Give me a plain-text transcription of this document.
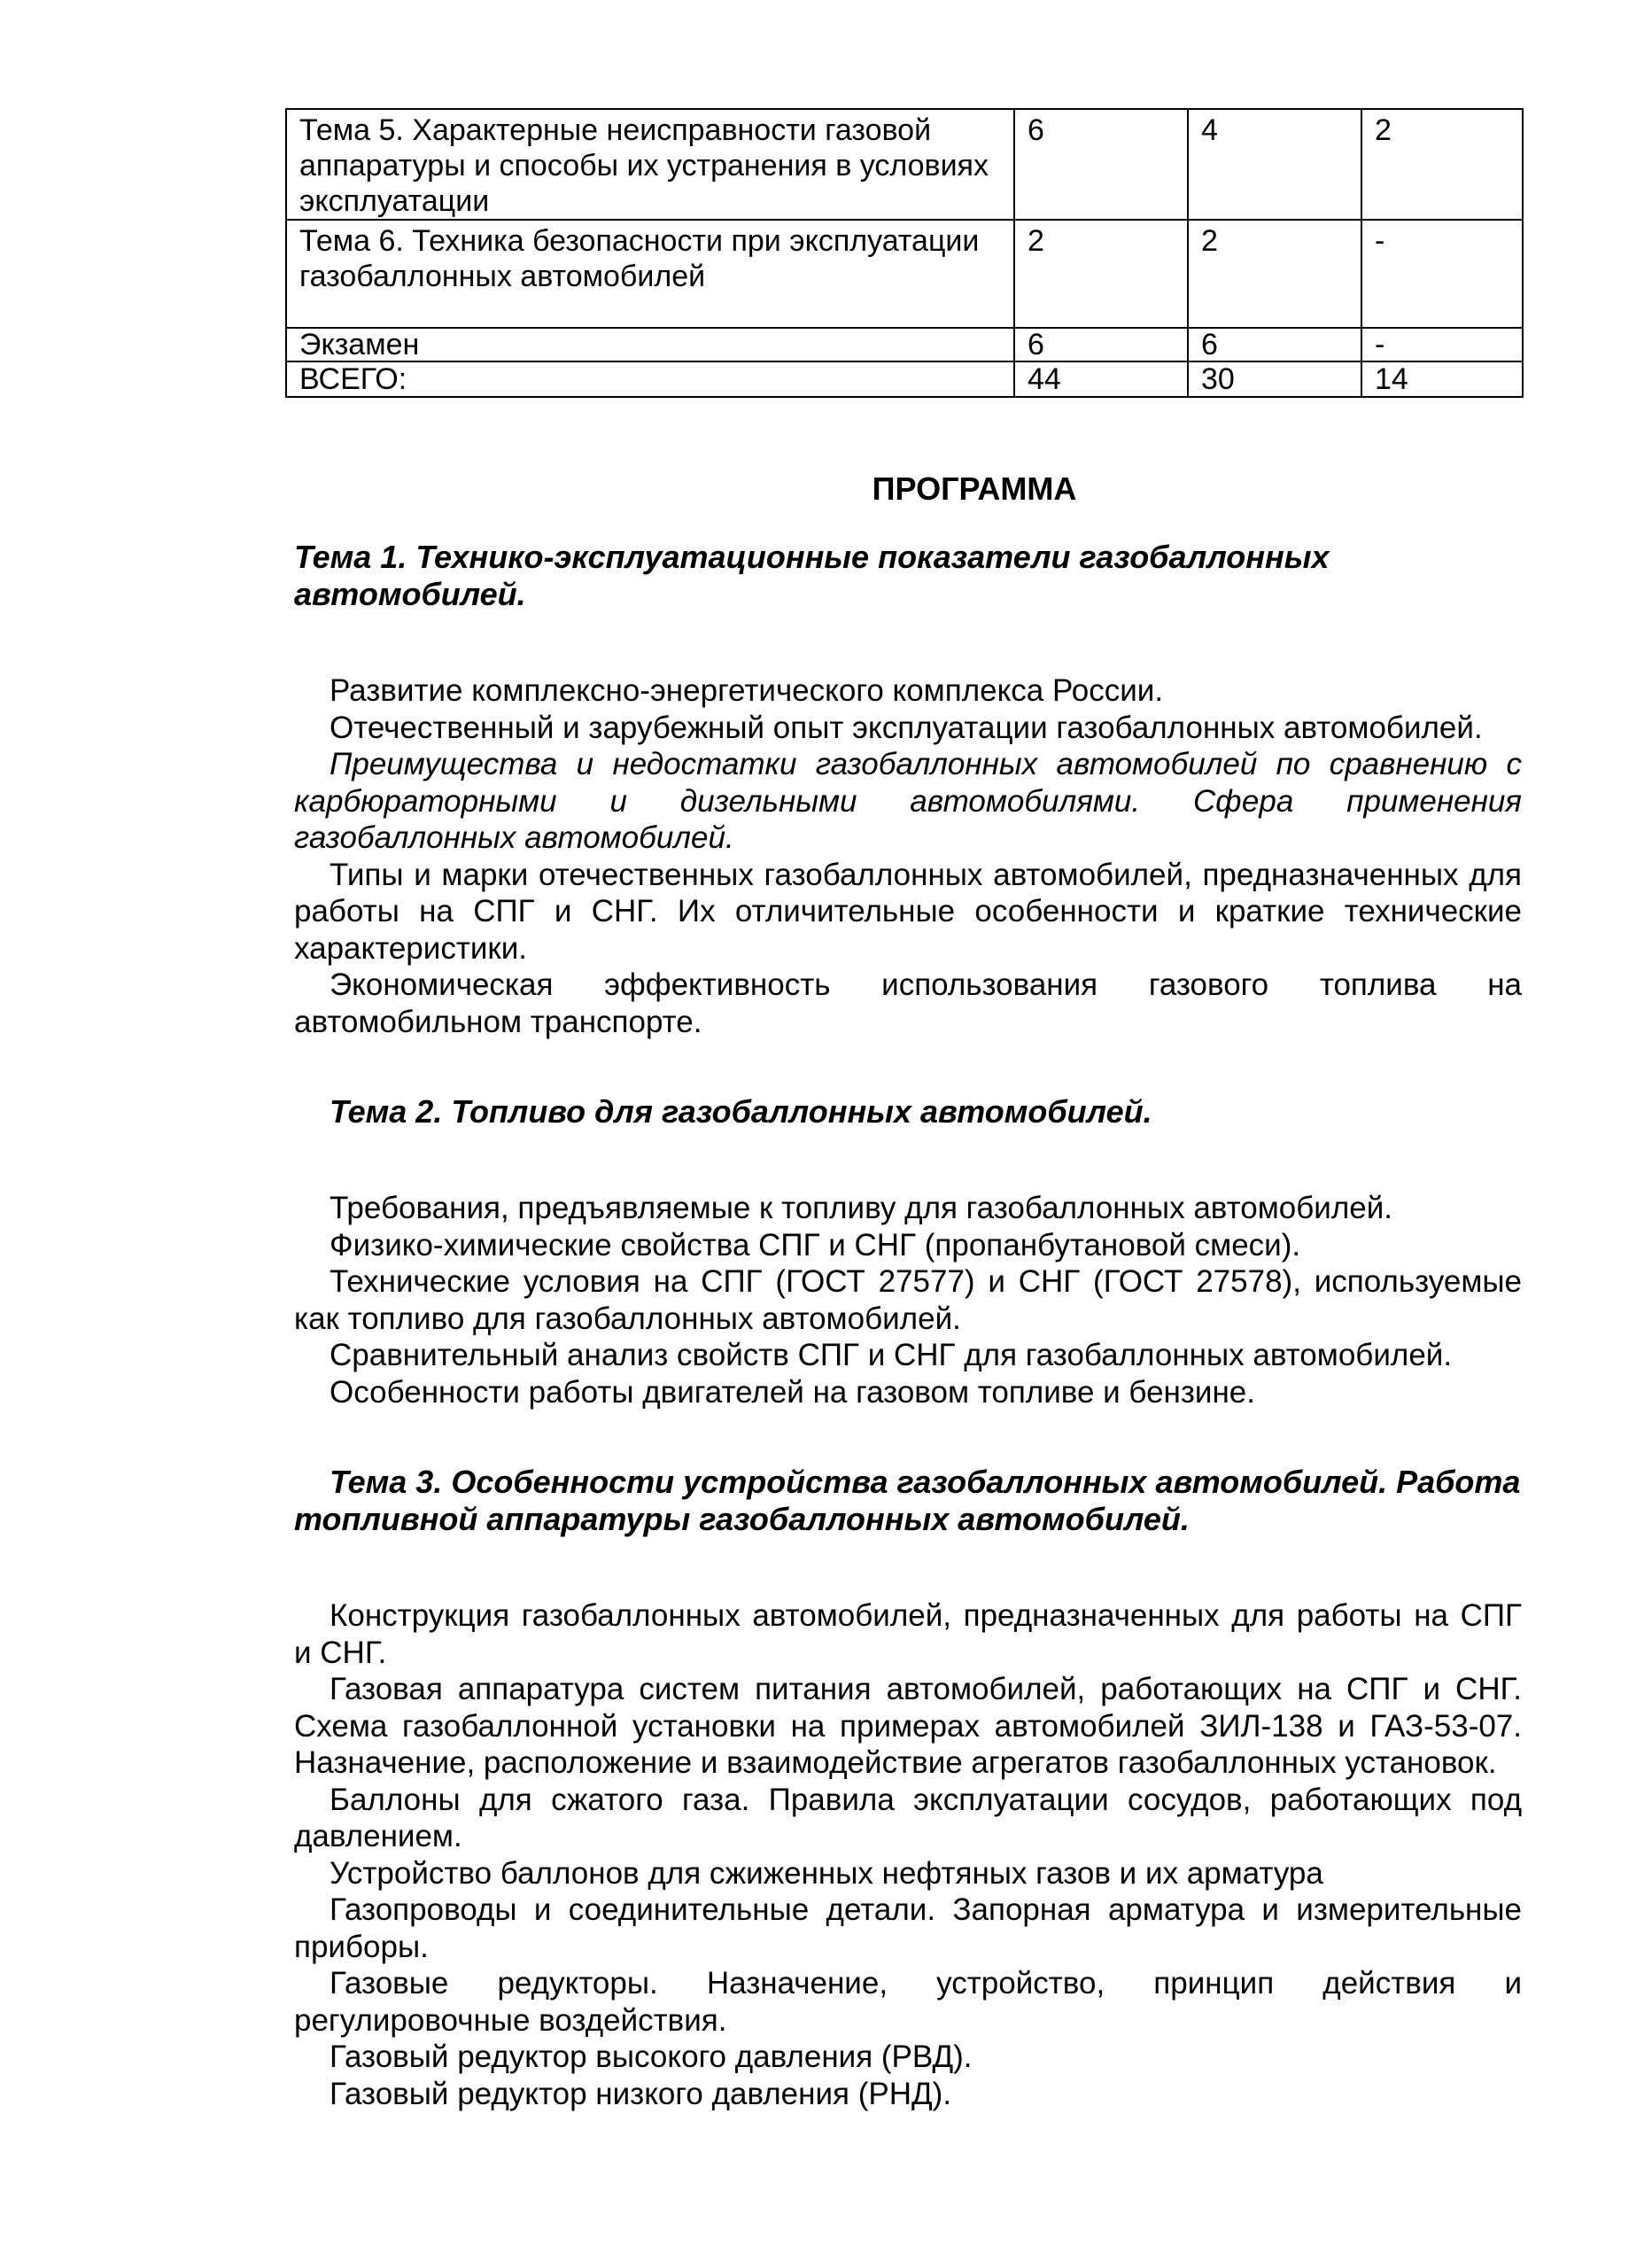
Тема 5. Характерные неисправности газовой аппаратуры и способы их устранения в условиях эксплуатации	6	4	2
Тема 6. Техника безопасности при эксплуатации газобаллонных автомобилей	2	2	-
Экзамен	6	6	-
ВСЕГО:	44	30	14
ПРОГРАММА
Тема 1. Технико-эксплуатационные показатели газобаллонных автомобилей.

Развитие комплексно-энергетического комплекса России.

Отечественный и зарубежный опыт эксплуатации газобаллонных автомобилей.

Преимущества и недостатки газобаллонных автомобилей по сравнению с карбюраторными и дизельными автомобилями. Сфера применения газобаллонных автомобилей.

Типы и марки отечественных газобаллонных автомобилей, предназначенных для работы на СПГ и СНГ. Их отличительные особенности и краткие технические характеристики.

Экономическая эффективность использования газового топлива на автомобильном транспорте.

Тема 2. Топливо для газобаллонных автомобилей.

Требования, предъявляемые к топливу для газобаллонных автомобилей.

Физико-химические свойства СПГ и СНГ (пропанбутановой смеси).

Технические условия на СПГ (ГОСТ 27577) и СНГ (ГОСТ 27578), используемые как топливо для газобаллонных автомобилей.

Сравнительный анализ свойств СПГ и СНГ для газобаллонных автомобилей.

Особенности работы двигателей на газовом топливе и бензине.

Тема 3. Особенности устройства газобаллонных автомобилей. Работа топливной аппаратуры газобаллонных автомобилей.

Конструкция газобаллонных автомобилей, предназначенных для работы на СПГ и СНГ.

Газовая аппаратура систем питания автомобилей, работающих на СПГ и СНГ. Схема газобаллонной установки на примерах автомобилей ЗИЛ-138 и ГАЗ-53-07. Назначение, расположение и взаимодействие агрегатов газобаллонных установок.

Баллоны для сжатого газа. Правила эксплуатации сосудов, работающих под давлением.

Устройство баллонов для сжиженных нефтяных газов и их арматура

Газопроводы и соединительные детали. Запорная арматура и измерительные приборы.

Газовые редукторы. Назначение, устройство, принцип действия и регулировочные воздействия.

Газовый редуктор высокого давления (РВД).

Газовый редуктор низкого давления (РНД).
